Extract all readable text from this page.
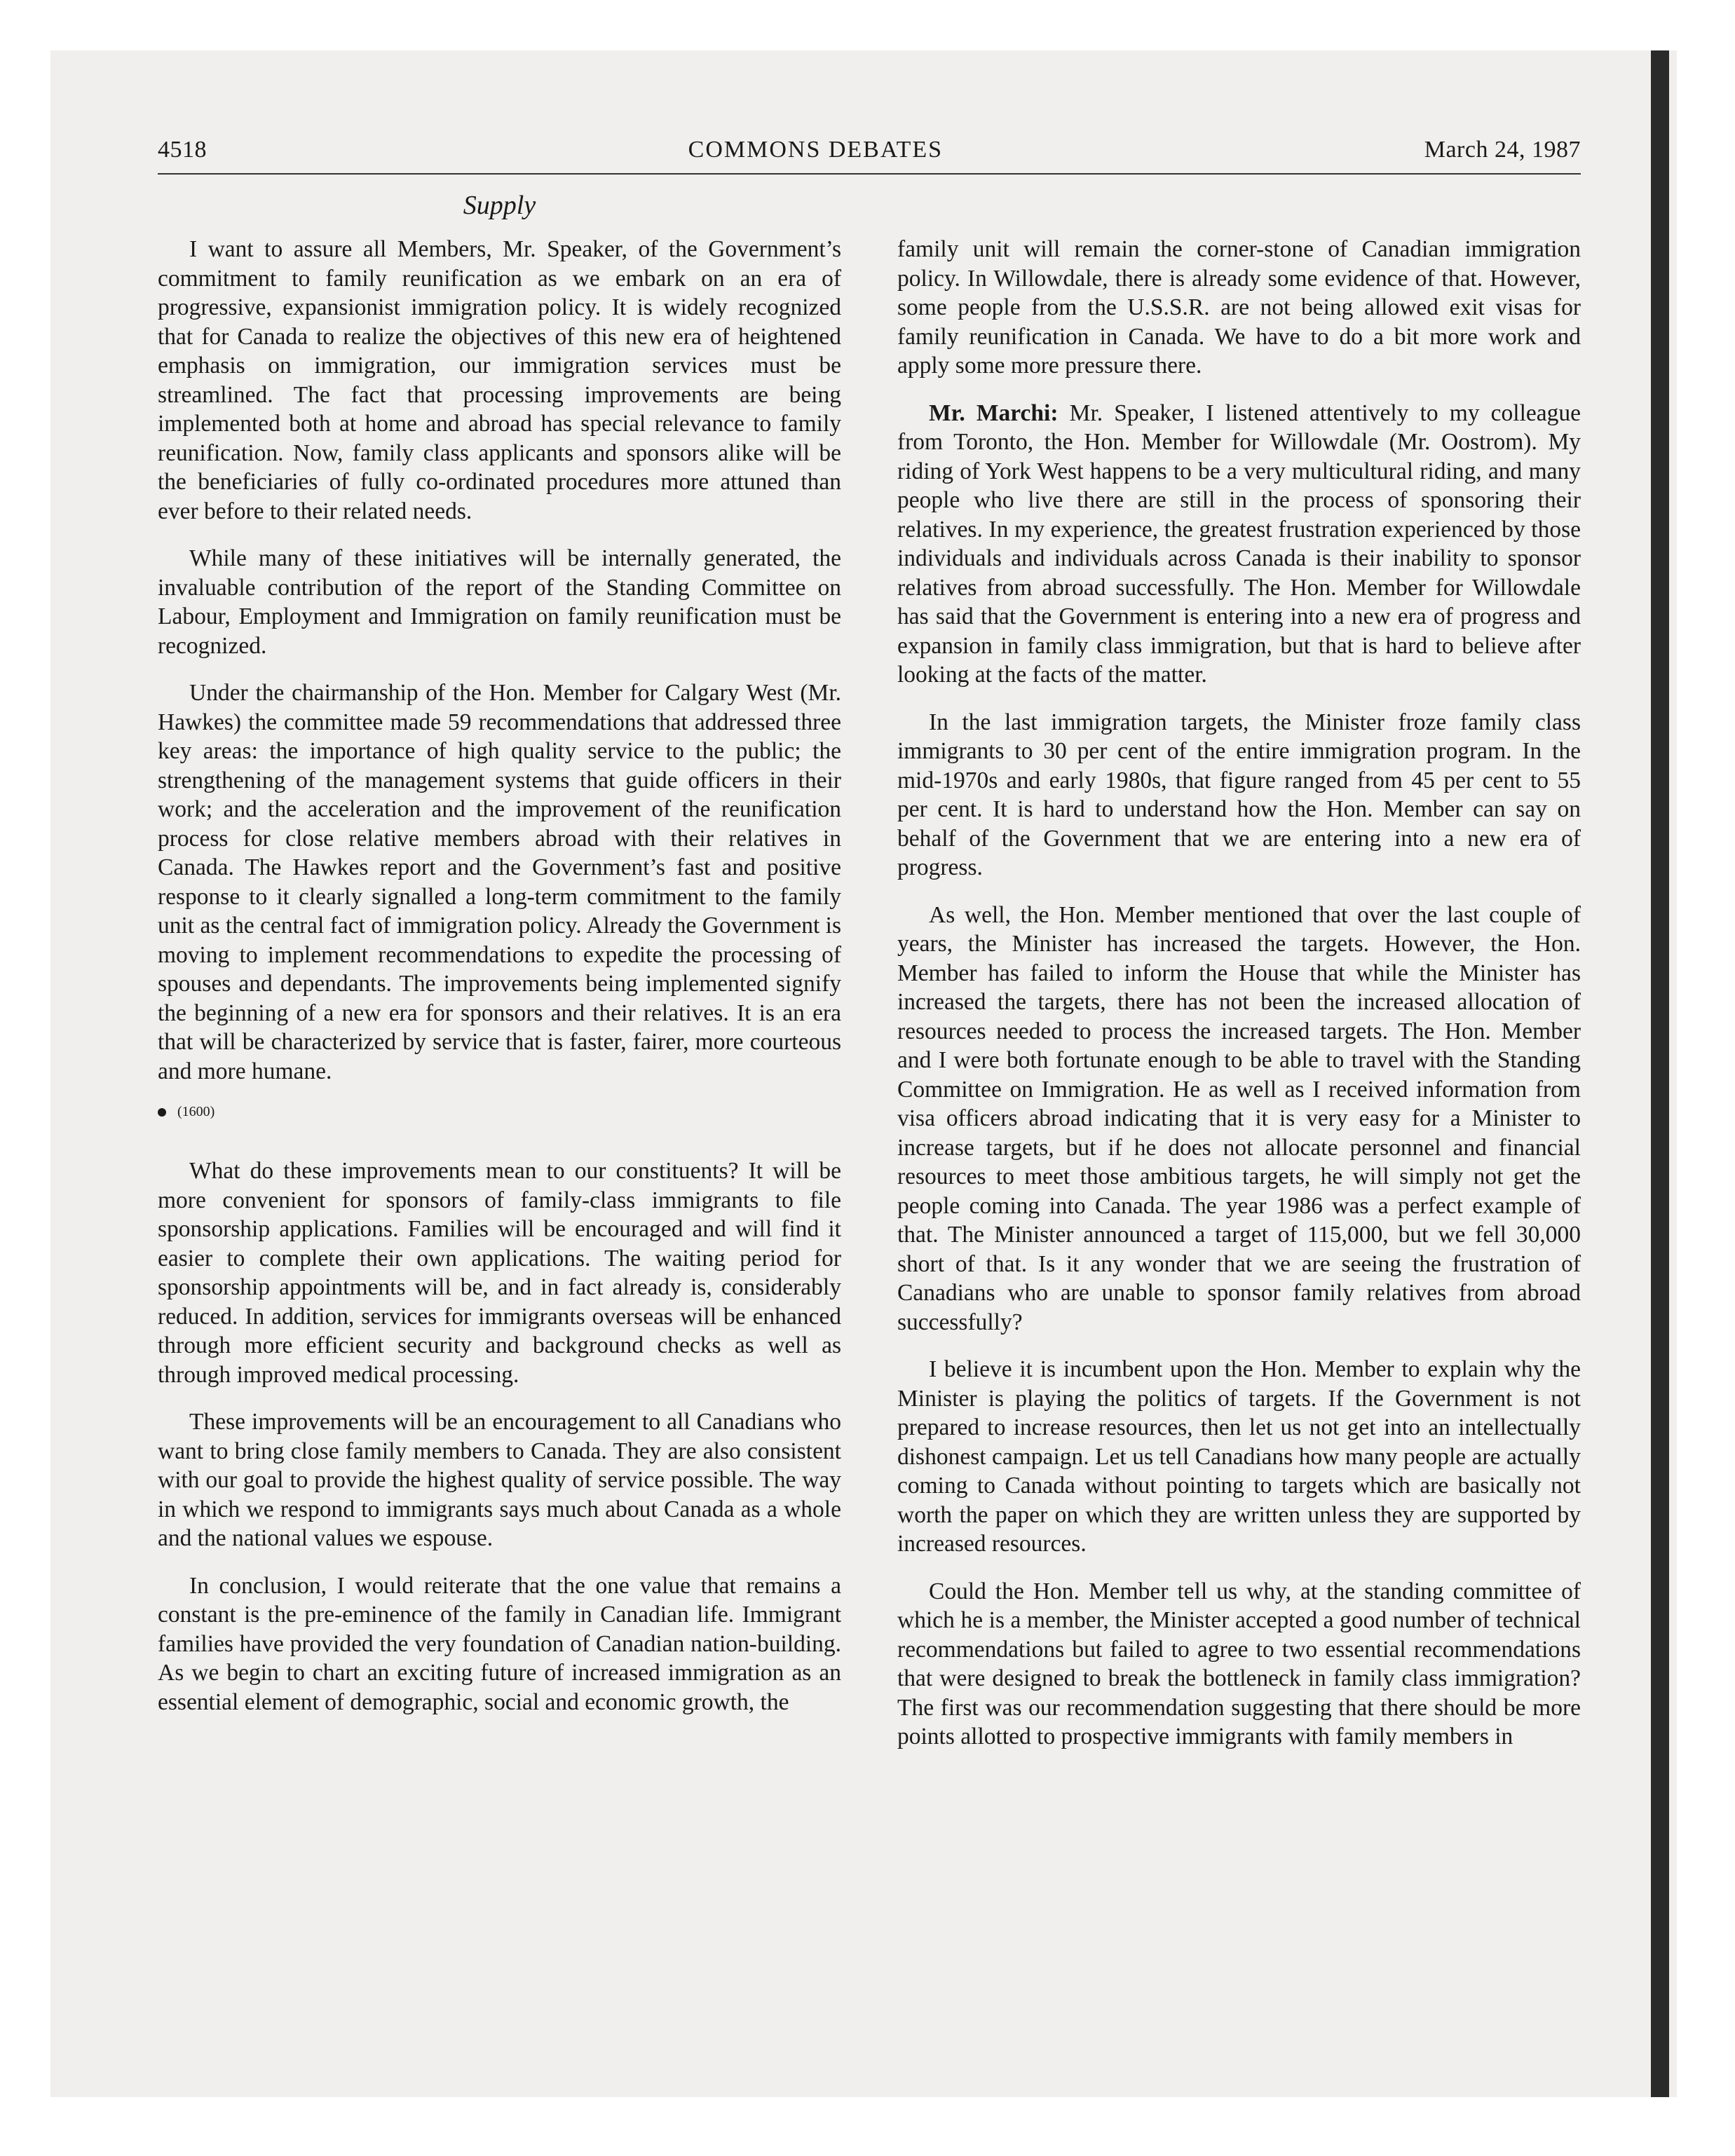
4518	COMMONS DEBATES	March 24, 1987
Supply

I want to assure all Members, Mr. Speaker, of the Government’s commitment to family reunification as we embark on an era of progressive, expansionist immigration policy. It is widely recognized that for Canada to realize the objectives of this new era of heightened emphasis on immigration, our immigration services must be streamlined. The fact that processing improvements are being implemented both at home and abroad has special relevance to family reunification. Now, family class applicants and sponsors alike will be the beneficiaries of fully co-ordinated procedures more attuned than ever before to their related needs.

While many of these initiatives will be internally generated, the invaluable contribution of the report of the Standing Committee on Labour, Employment and Immigration on family reunification must be recognized.

Under the chairmanship of the Hon. Member for Calgary West (Mr. Hawkes) the committee made 59 recommendations that addressed three key areas: the importance of high quality service to the public; the strengthening of the management systems that guide officers in their work; and the acceleration and the improvement of the reunification process for close relative members abroad with their relatives in Canada. The Hawkes report and the Government’s fast and positive response to it clearly signalled a long-term commitment to the family unit as the central fact of immigration policy. Already the Government is moving to implement recommendations to expedite the processing of spouses and dependants. The improvements being implemented signify the beginning of a new era for sponsors and their relatives. It is an era that will be characterized by service that is faster, fairer, more courteous and more humane.

(1600)

What do these improvements mean to our constituents? It will be more convenient for sponsors of family-class immigrants to file sponsorship applications. Families will be encouraged and will find it easier to complete their own applications. The waiting period for sponsorship appointments will be, and in fact already is, considerably reduced. In addition, services for immigrants overseas will be enhanced through more efficient security and background checks as well as through improved medical processing.

These improvements will be an encouragement to all Canadians who want to bring close family members to Canada. They are also consistent with our goal to provide the highest quality of service possible. The way in which we respond to immigrants says much about Canada as a whole and the national values we espouse.

In conclusion, I would reiterate that the one value that remains a constant is the pre-eminence of the family in Canadian life. Immigrant families have provided the very foundation of Canadian nation-building. As we begin to chart an exciting future of increased immigration as an essential element of demographic, social and economic growth, the

family unit will remain the corner-stone of Canadian immigration policy. In Willowdale, there is already some evidence of that. However, some people from the U.S.S.R. are not being allowed exit visas for family reunification in Canada. We have to do a bit more work and apply some more pressure there.

Mr. Marchi: Mr. Speaker, I listened attentively to my colleague from Toronto, the Hon. Member for Willowdale (Mr. Oostrom). My riding of York West happens to be a very multicultural riding, and many people who live there are still in the process of sponsoring their relatives. In my experience, the greatest frustration experienced by those individuals and individuals across Canada is their inability to sponsor relatives from abroad successfully. The Hon. Member for Willowdale has said that the Government is entering into a new era of progress and expansion in family class immigration, but that is hard to believe after looking at the facts of the matter.

In the last immigration targets, the Minister froze family class immigrants to 30 per cent of the entire immigration program. In the mid-1970s and early 1980s, that figure ranged from 45 per cent to 55 per cent. It is hard to understand how the Hon. Member can say on behalf of the Government that we are entering into a new era of progress.

As well, the Hon. Member mentioned that over the last couple of years, the Minister has increased the targets. However, the Hon. Member has failed to inform the House that while the Minister has increased the targets, there has not been the increased allocation of resources needed to process the increased targets. The Hon. Member and I were both fortunate enough to be able to travel with the Standing Committee on Immigration. He as well as I received information from visa officers abroad indicating that it is very easy for a Minister to increase targets, but if he does not allocate personnel and financial resources to meet those ambitious targets, he will simply not get the people coming into Canada. The year 1986 was a perfect example of that. The Minister announced a target of 115,000, but we fell 30,000 short of that. Is it any wonder that we are seeing the frustration of Canadians who are unable to sponsor family relatives from abroad successfully?

I believe it is incumbent upon the Hon. Member to explain why the Minister is playing the politics of targets. If the Government is not prepared to increase resources, then let us not get into an intellectually dishonest campaign. Let us tell Canadians how many people are actually coming to Canada without pointing to targets which are basically not worth the paper on which they are written unless they are supported by increased resources.

Could the Hon. Member tell us why, at the standing committee of which he is a member, the Minister accepted a good number of technical recommendations but failed to agree to two essential recommendations that were designed to break the bottleneck in family class immigration? The first was our recommendation suggesting that there should be more points allotted to prospective immigrants with family members in
